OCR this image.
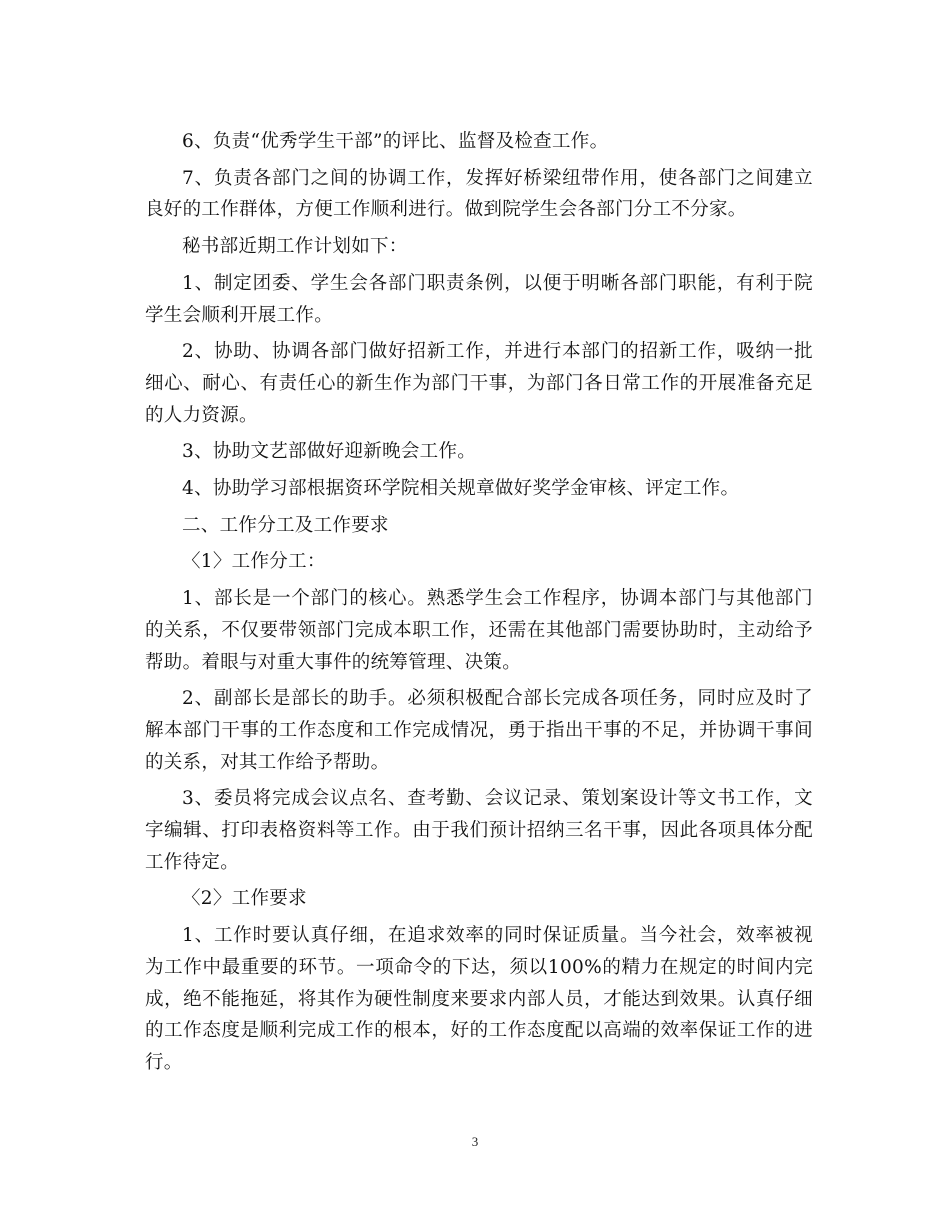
6、负责“优秀学生干部”的评比、监督及检查工作。

7、负责各部门之间的协调工作，发挥好桥梁纽带作用，使各部门之间建立良好的工作群体，方便工作顺利进行。做到院学生会各部门分工不分家。

秘书部近期工作计划如下：

1、制定团委、学生会各部门职责条例，以便于明晰各部门职能，有利于院学生会顺利开展工作。

2、协助、协调各部门做好招新工作，并进行本部门的招新工作，吸纳一批细心、耐心、有责任心的新生作为部门干事，为部门各日常工作的开展准备充足的人力资源。

3、协助文艺部做好迎新晚会工作。

4、协助学习部根据资环学院相关规章做好奖学金审核、评定工作。

二、工作分工及工作要求

〈1〉工作分工：

1、部长是一个部门的核心。熟悉学生会工作程序，协调本部门与其他部门的关系，不仅要带领部门完成本职工作，还需在其他部门需要协助时，主动给予帮助。着眼与对重大事件的统筹管理、决策。

2、副部长是部长的助手。必须积极配合部长完成各项任务，同时应及时了解本部门干事的工作态度和工作完成情况，勇于指出干事的不足，并协调干事间的关系，对其工作给予帮助。

3、委员将完成会议点名、查考勤、会议记录、策划案设计等文书工作，文字编辑、打印表格资料等工作。由于我们预计招纳三名干事，因此各项具体分配工作待定。

〈2〉工作要求

1、工作时要认真仔细，在追求效率的同时保证质量。当今社会，效率被视为工作中最重要的环节。一项命令的下达，须以100%的精力在规定的时间内完成，绝不能拖延，将其作为硬性制度来要求内部人员，才能达到效果。认真仔细的工作态度是顺利完成工作的根本，好的工作态度配以高端的效率保证工作的进行。

3
